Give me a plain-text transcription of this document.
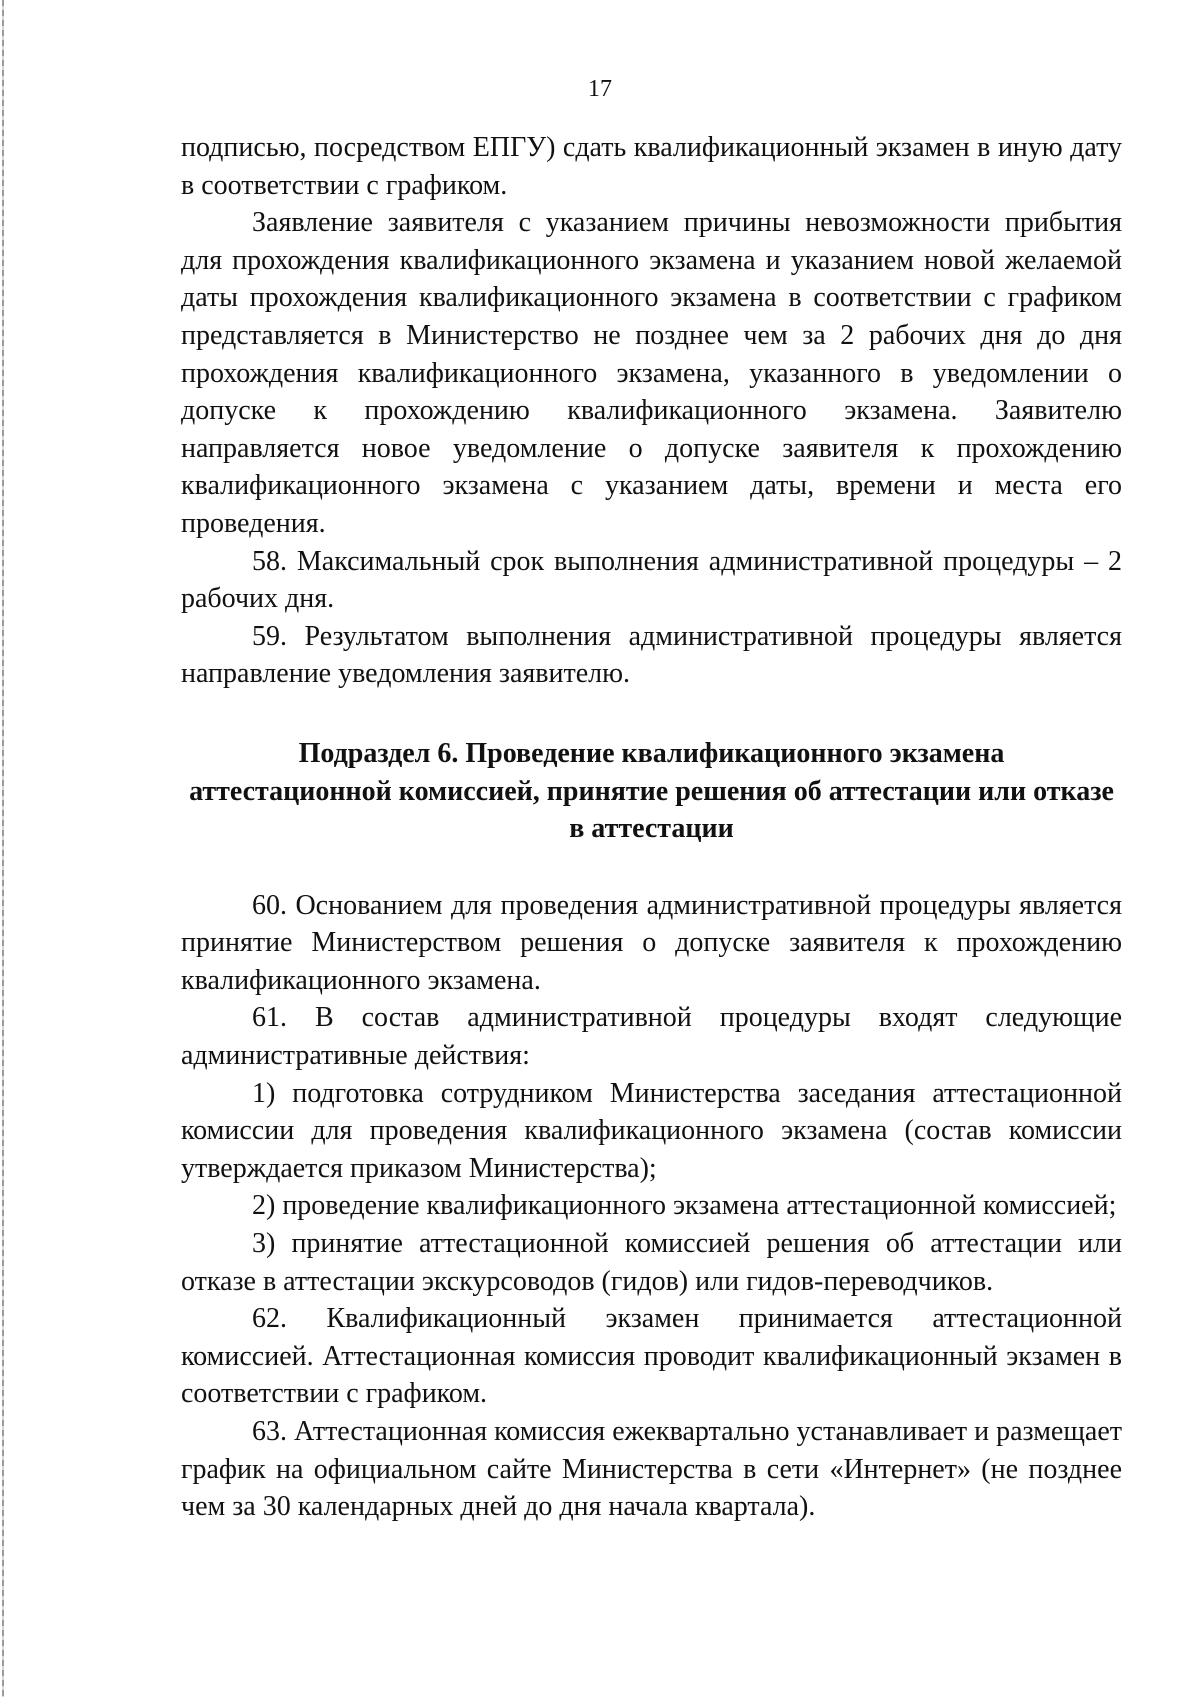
17

подписью, посредством ЕПГУ) сдать квалификационный экзамен в иную дату в соответствии с графиком.

Заявление заявителя с указанием причины невозможности прибытия для прохождения квалификационного экзамена и указанием новой желаемой даты прохождения квалификационного экзамена в соответствии с графиком представляется в Министерство не позднее чем за 2 рабочих дня до дня прохождения квалификационного экзамена, указанного в уведомлении о допуске к прохождению квалификационного экзамена. Заявителю направляется новое уведомление о допуске заявителя к прохождению квалификационного экзамена с указанием даты, времени и места его проведения.

58. Максимальный срок выполнения административной процедуры – 2 рабочих дня.

59. Результатом выполнения административной процедуры является направление уведомления заявителю.

Подраздел 6. Проведение квалификационного экзамена
аттестационной комиссией, принятие решения об аттестации или отказе
в аттестации

60. Основанием для проведения административной процедуры является принятие Министерством решения о допуске заявителя к прохождению квалификационного экзамена.

61. В состав административной процедуры входят следующие административные действия:

1) подготовка сотрудником Министерства заседания аттестационной комиссии для проведения квалификационного экзамена (состав комиссии утверждается приказом Министерства);

2) проведение квалификационного экзамена аттестационной комиссией;

3) принятие аттестационной комиссией решения об аттестации или отказе в аттестации экскурсоводов (гидов) или гидов-переводчиков.

62. Квалификационный экзамен принимается аттестационной комиссией. Аттестационная комиссия проводит квалификационный экзамен в соответствии с графиком.

63. Аттестационная комиссия ежеквартально устанавливает и размещает график на официальном сайте Министерства в сети «Интернет» (не позднее чем за 30 календарных дней до дня начала квартала).
